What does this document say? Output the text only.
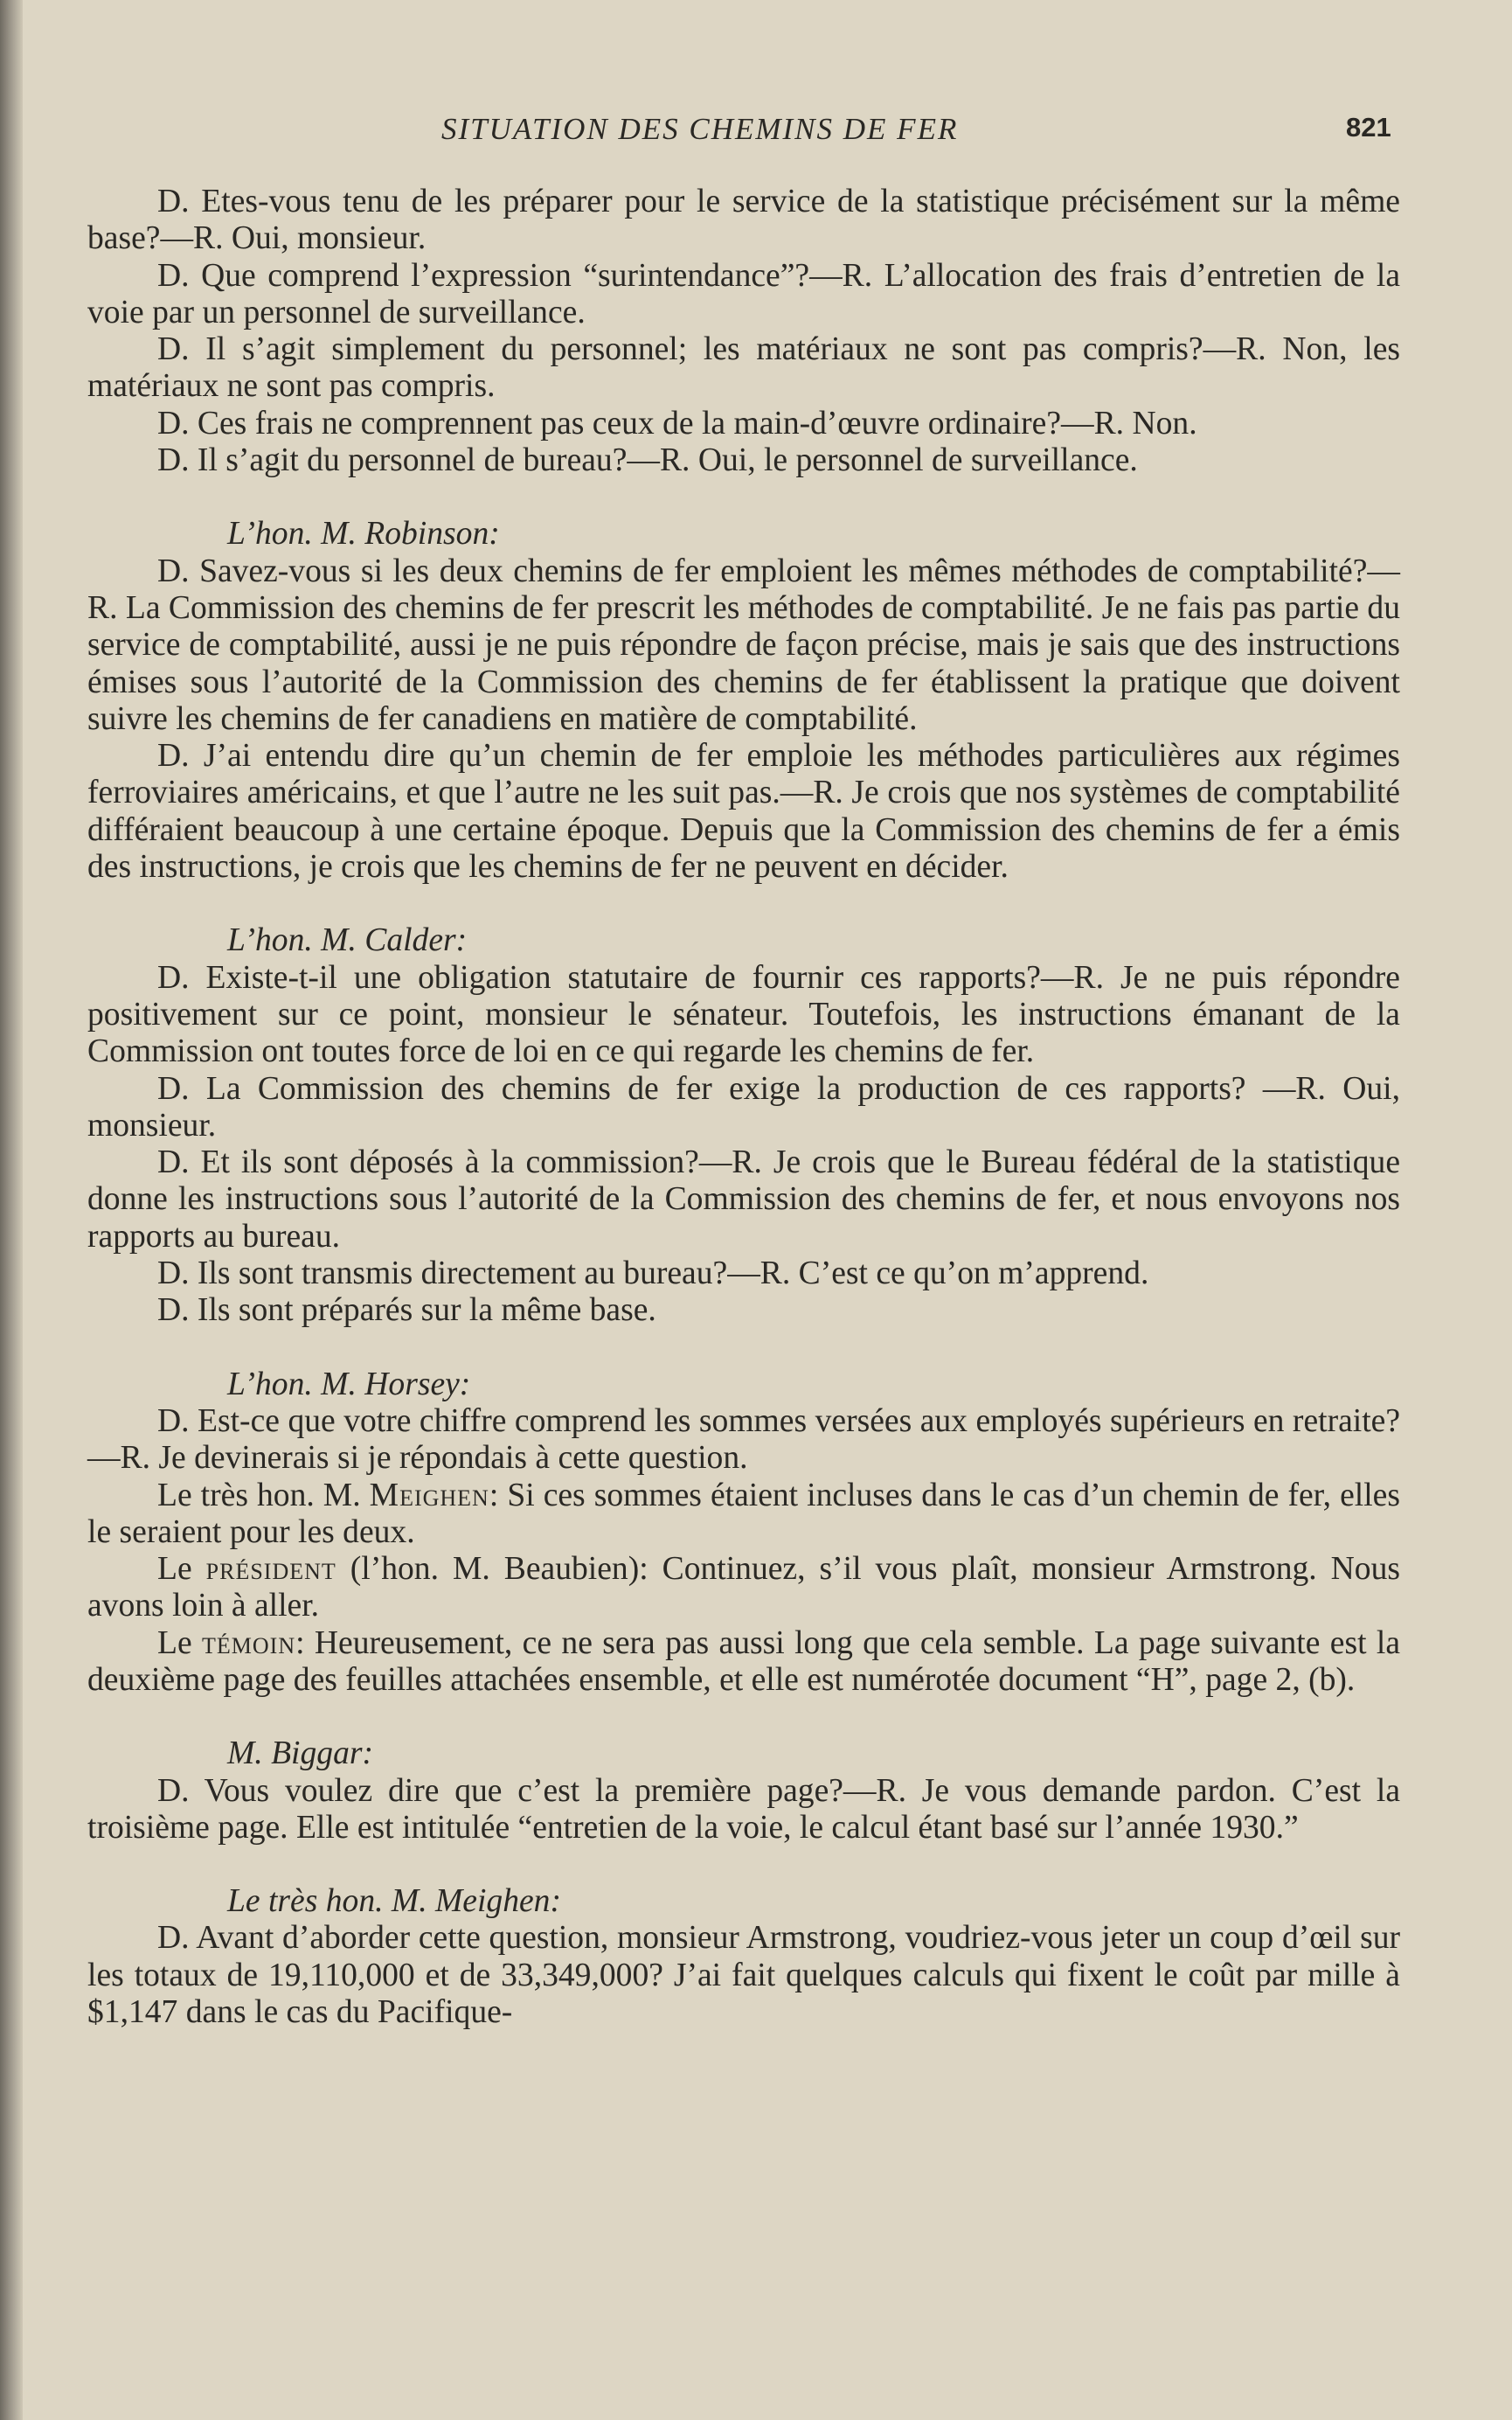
SITUATION DES CHEMINS DE FER	821

D. Etes-vous tenu de les préparer pour le service de la statistique précisément sur la même base?—R. Oui, monsieur.

D. Que comprend l’expression “surintendance”?—R. L’allocation des frais d’entretien de la voie par un personnel de surveillance.

D. Il s’agit simplement du personnel; les matériaux ne sont pas compris?—R. Non, les matériaux ne sont pas compris.

D. Ces frais ne comprennent pas ceux de la main-d’œuvre ordinaire?—R. Non.

D. Il s’agit du personnel de bureau?—R. Oui, le personnel de surveillance.

L’hon. M. Robinson:

D. Savez-vous si les deux chemins de fer emploient les mêmes méthodes de comptabilité?—R. La Commission des chemins de fer prescrit les méthodes de comptabilité. Je ne fais pas partie du service de comptabilité, aussi je ne puis répondre de façon précise, mais je sais que des instructions émises sous l’autorité de la Commission des chemins de fer établissent la pratique que doivent suivre les chemins de fer canadiens en matière de comptabilité.

D. J’ai entendu dire qu’un chemin de fer emploie les méthodes particulières aux régimes ferroviaires américains, et que l’autre ne les suit pas.—R. Je crois que nos systèmes de comptabilité différaient beaucoup à une certaine époque. Depuis que la Commission des chemins de fer a émis des instructions, je crois que les chemins de fer ne peuvent en décider.

L’hon. M. Calder:

D. Existe-t-il une obligation statutaire de fournir ces rapports?—R. Je ne puis répondre positivement sur ce point, monsieur le sénateur. Toutefois, les instructions émanant de la Commission ont toutes force de loi en ce qui regarde les chemins de fer.

D. La Commission des chemins de fer exige la production de ces rapports? —R. Oui, monsieur.

D. Et ils sont déposés à la commission?—R. Je crois que le Bureau fédéral de la statistique donne les instructions sous l’autorité de la Commission des chemins de fer, et nous envoyons nos rapports au bureau.

D. Ils sont transmis directement au bureau?—R. C’est ce qu’on m’apprend.

D. Ils sont préparés sur la même base.

L’hon. M. Horsey:

D. Est-ce que votre chiffre comprend les sommes versées aux employés supérieurs en retraite?—R. Je devinerais si je répondais à cette question.

Le très hon. M. Meighen: Si ces sommes étaient incluses dans le cas d’un chemin de fer, elles le seraient pour les deux.

Le président (l’hon. M. Beaubien): Continuez, s’il vous plaît, monsieur Armstrong. Nous avons loin à aller.

Le témoin: Heureusement, ce ne sera pas aussi long que cela semble. La page suivante est la deuxième page des feuilles attachées ensemble, et elle est numérotée document “H”, page 2, (b).

M. Biggar:

D. Vous voulez dire que c’est la première page?—R. Je vous demande pardon. C’est la troisième page. Elle est intitulée “entretien de la voie, le calcul étant basé sur l’année 1930.”

Le très hon. M. Meighen:

D. Avant d’aborder cette question, monsieur Armstrong, voudriez-vous jeter un coup d’œil sur les totaux de 19,110,000 et de 33,349,000? J’ai fait quelques calculs qui fixent le coût par mille à $1,147 dans le cas du Pacifique-
